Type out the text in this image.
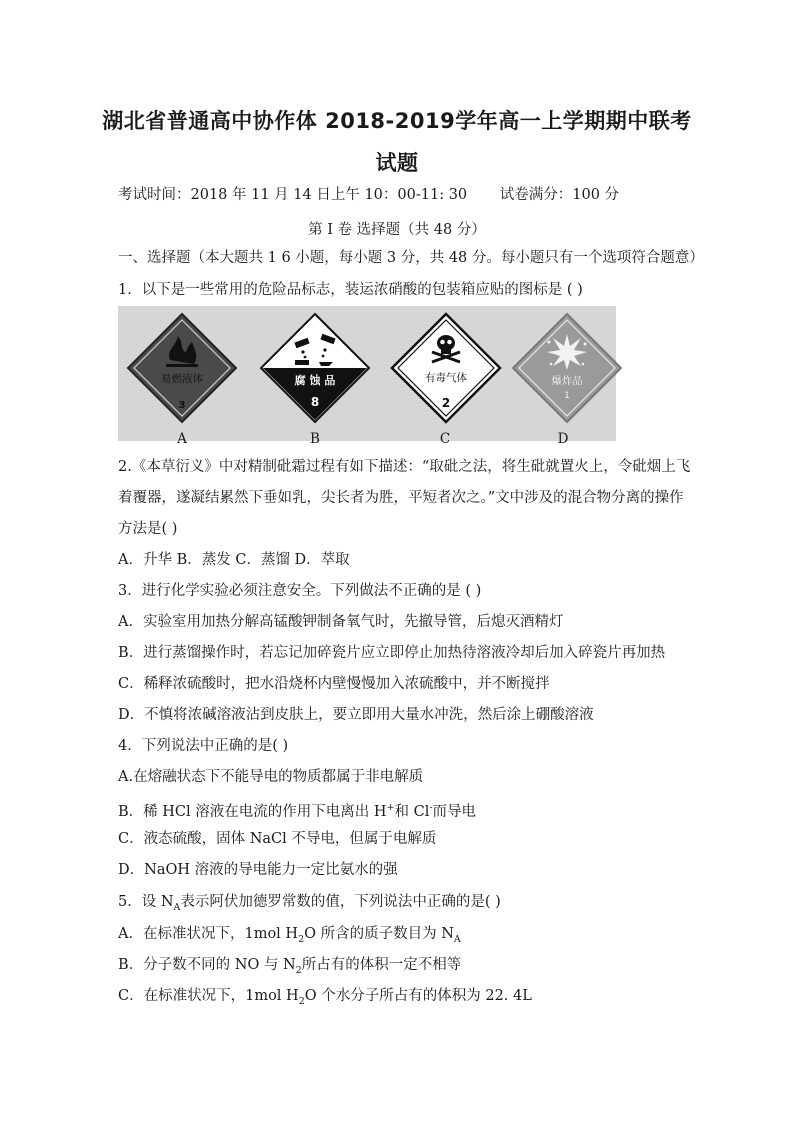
湖北省普通高中协作体 2018-2019学年高一上学期期中联考
试题
考试时间：2018 年 11 月 14 日上午 10：00-11: 30 试卷满分：100 分
第 I 卷 选择题（共 48 分）
一、选择题（本大题共 1 6 小题，每小题 3 分，共 48 分。每小题只有一个选项符合题意）
1．以下是一些常用的危险品标志，装运浓硝酸的包装箱应贴的图标是 ( )
易燃液体
3
腐 蚀 品
8
有毒气体
2
爆炸品
1
A	B	C	D
2.《本草衍义》中对精制砒霜过程有如下描述：“取砒之法，将生砒就置火上，令砒烟上飞
着覆器，遂凝结累然下垂如乳，尖长者为胜，平短者次之。”文中涉及的混合物分离的操作
方法是( )
A．升华 B．蒸发 C．蒸馏 D．萃取
3．进行化学实验必须注意安全。下列做法不正确的是 ( )
A．实验室用加热分解高锰酸钾制备氧气时，先撤导管，后熄灭酒精灯
B．进行蒸馏操作时，若忘记加碎瓷片应立即停止加热待溶液冷却后加入碎瓷片再加热
C．稀释浓硫酸时，把水沿烧杯内壁慢慢加入浓硫酸中，并不断搅拌
D．不慎将浓碱溶液沾到皮肤上，要立即用大量水冲洗，然后涂上硼酸溶液
4．下列说法中正确的是( )
A.在熔融状态下不能导电的物质都属于非电解质
B．稀 HCl 溶液在电流的作用下电离出 H+和 Cl-而导电
C．液态硫酸，固体 NaCl 不导电，但属于电解质
D．NaOH 溶液的导电能力一定比氨水的强
5．设 $N_A$表示阿伏加德罗常数的值，下列说法中正确的是( )
A．在标准状况下，1mol $H_2O$ 所含的质子数目为 $N_A$
B．分子数不同的 NO 与 $N_2$所占有的体积一定不相等
C．在标准状况下，1mol $H_2O$ 个水分子所占有的体积为 22. 4L
